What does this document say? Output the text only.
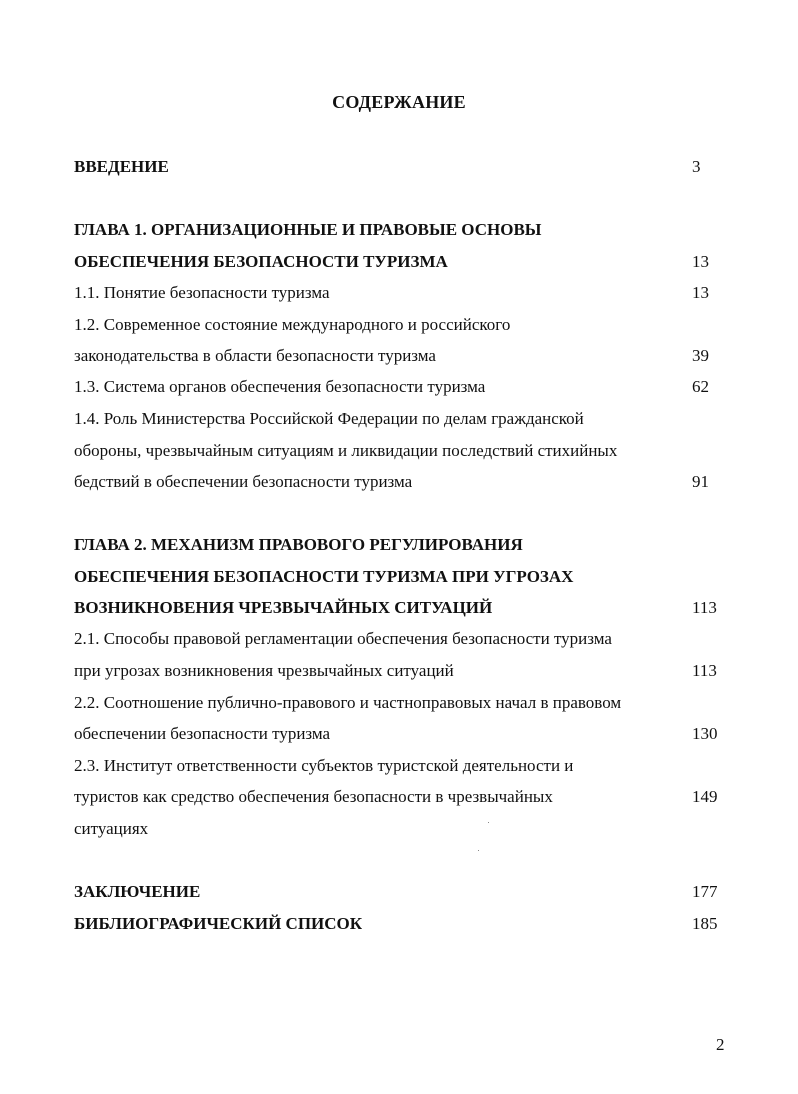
СОДЕРЖАНИЕ
ВВЕДЕНИЕ	3
ГЛАВА 1. ОРГАНИЗАЦИОННЫЕ И ПРАВОВЫЕ ОСНОВЫ
ОБЕСПЕЧЕНИЯ БЕЗОПАСНОСТИ ТУРИЗМА	13
1.1. Понятие безопасности туризма	13
1.2. Современное состояние международного и российского
законодательства в области безопасности туризма	39
1.3. Система органов обеспечения безопасности туризма	62
1.4. Роль Министерства Российской Федерации по делам гражданской
обороны, чрезвычайным ситуациям и ликвидации последствий стихийных
бедствий в обеспечении безопасности туризма	91
ГЛАВА 2. МЕХАНИЗМ ПРАВОВОГО РЕГУЛИРОВАНИЯ
ОБЕСПЕЧЕНИЯ БЕЗОПАСНОСТИ ТУРИЗМА ПРИ УГРОЗАХ
ВОЗНИКНОВЕНИЯ ЧРЕЗВЫЧАЙНЫХ СИТУАЦИЙ	113
2.1. Способы правовой регламентации обеспечения безопасности туризма
при угрозах возникновения чрезвычайных ситуаций	113
2.2. Соотношение публично-правового и частноправовых начал в правовом
обеспечении безопасности туризма	130
2.3. Институт ответственности субъектов туристской деятельности и
туристов как средство обеспечения безопасности в чрезвычайных	149
ситуациях
ЗАКЛЮЧЕНИЕ	177
БИБЛИОГРАФИЧЕСКИЙ СПИСОК	185
2
